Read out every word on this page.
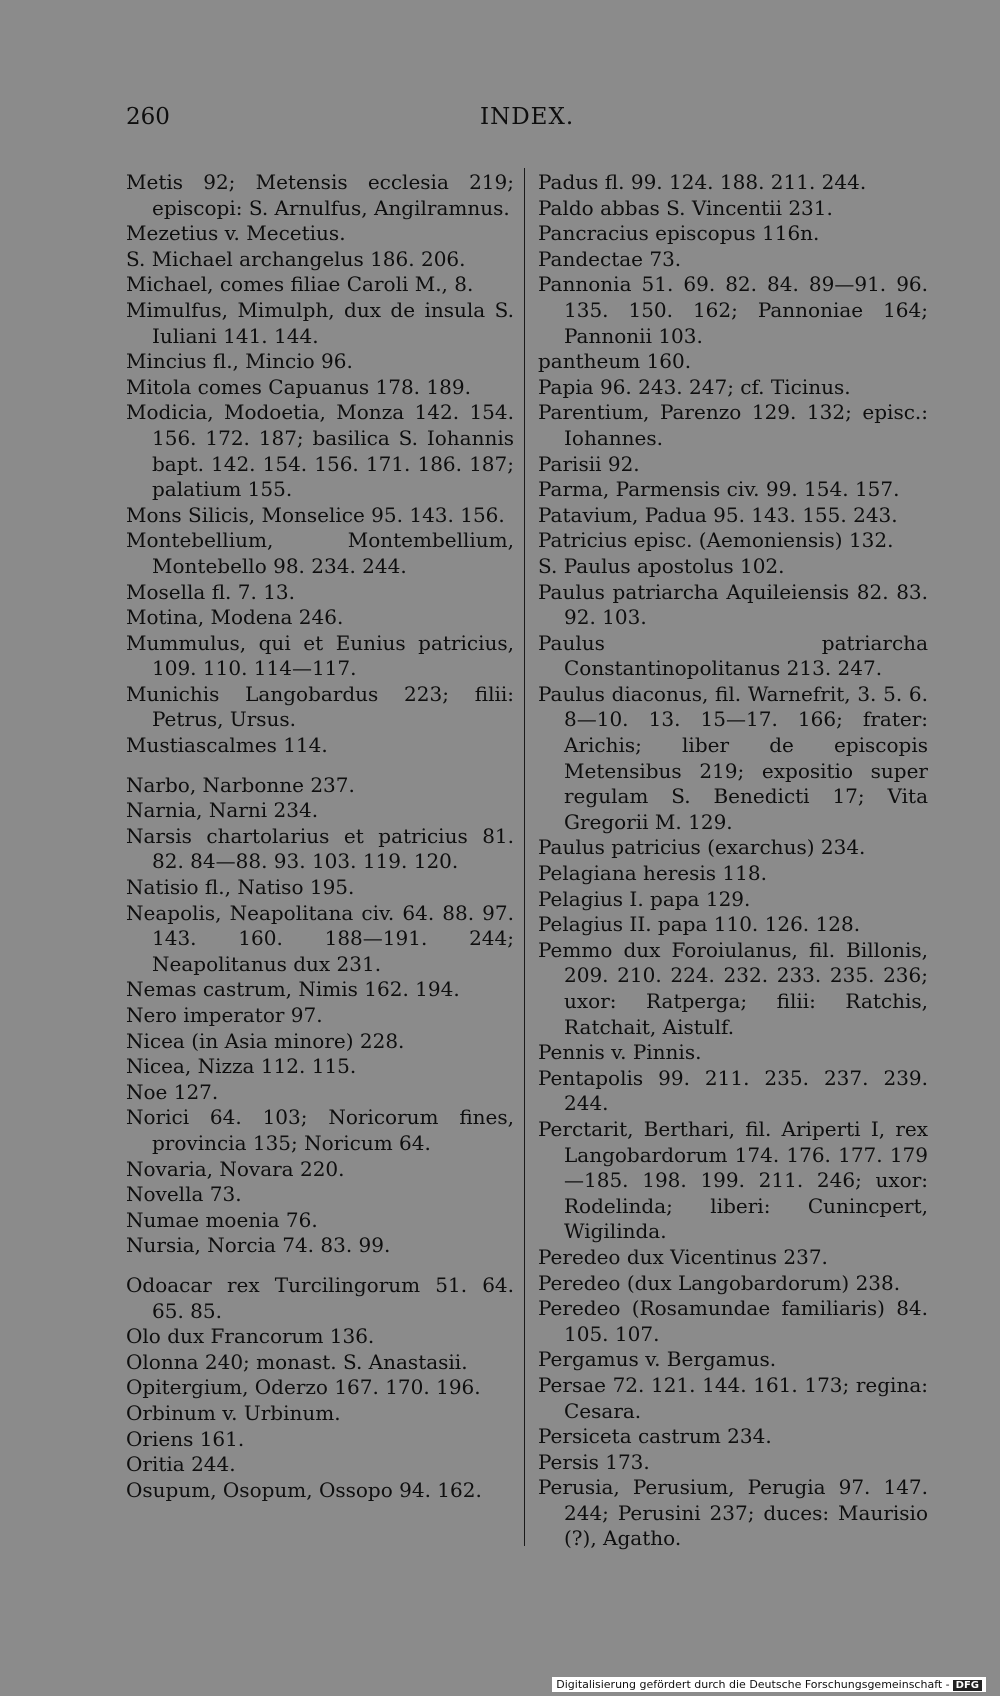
260	INDEX.
Metis 92; Metensis ecclesia 219; episcopi: S. Arnulfus, Angilramnus.
Mezetius v. Mecetius.
S. Michael archangelus 186. 206.
Michael, comes filiae Caroli M., 8.
Mimulfus, Mimulph, dux de insula S. Iuliani 141. 144.
Mincius fl., Mincio 96.
Mitola comes Capuanus 178. 189.
Modicia, Modoetia, Monza 142. 154. 156. 172. 187; basilica S. Iohannis bapt. 142. 154. 156. 171. 186. 187; palatium 155.
Mons Silicis, Monselice 95. 143. 156.
Montebellium, Montembellium, Montebello 98. 234. 244.
Mosella fl. 7. 13.
Motina, Modena 246.
Mummulus, qui et Eunius patricius, 109. 110. 114—117.
Munichis Langobardus 223; filii: Petrus, Ursus.
Mustiascalmes 114.
Narbo, Narbonne 237.
Narnia, Narni 234.
Narsis chartolarius et patricius 81. 82. 84—88. 93. 103. 119. 120.
Natisio fl., Natiso 195.
Neapolis, Neapolitana civ. 64. 88. 97. 143. 160. 188—191. 244; Neapolitanus dux 231.
Nemas castrum, Nimis 162. 194.
Nero imperator 97.
Nicea (in Asia minore) 228.
Nicea, Nizza 112. 115.
Noe 127.
Norici 64. 103; Noricorum fines, provincia 135; Noricum 64.
Novaria, Novara 220.
Novella 73.
Numae moenia 76.
Nursia, Norcia 74. 83. 99.
Odoacar rex Turcilingorum 51. 64. 65. 85.
Olo dux Francorum 136.
Olonna 240; monast. S. Anastasii.
Opitergium, Oderzo 167. 170. 196.
Orbinum v. Urbinum.
Oriens 161.
Oritia 244.
Osupum, Osopum, Ossopo 94. 162.
Padus fl. 99. 124. 188. 211. 244.
Paldo abbas S. Vincentii 231.
Pancracius episcopus 116n.
Pandectae 73.
Pannonia 51. 69. 82. 84. 89—91. 96. 135. 150. 162; Pannoniae 164; Pannonii 103.
pantheum 160.
Papia 96. 243. 247; cf. Ticinus.
Parentium, Parenzo 129. 132; episc.: Iohannes.
Parisii 92.
Parma, Parmensis civ. 99. 154. 157.
Patavium, Padua 95. 143. 155. 243.
Patricius episc. (Aemoniensis) 132.
S. Paulus apostolus 102.
Paulus patriarcha Aquileiensis 82. 83. 92. 103.
Paulus patriarcha Constantinopolitanus 213. 247.
Paulus diaconus, fil. Warnefrit, 3. 5. 6. 8—10. 13. 15—17. 166; frater: Arichis; liber de episcopis Metensibus 219; expositio super regulam S. Benedicti 17; Vita Gregorii M. 129.
Paulus patricius (exarchus) 234.
Pelagiana heresis 118.
Pelagius I. papa 129.
Pelagius II. papa 110. 126. 128.
Pemmo dux Foroiulanus, fil. Billonis, 209. 210. 224. 232. 233. 235. 236; uxor: Ratperga; filii: Ratchis, Ratchait, Aistulf.
Pennis v. Pinnis.
Pentapolis 99. 211. 235. 237. 239. 244.
Perctarit, Berthari, fil. Ariperti I, rex Langobardorum 174. 176. 177. 179—185. 198. 199. 211. 246; uxor: Rodelinda; liberi: Cunincpert, Wigilinda.
Peredeo dux Vicentinus 237.
Peredeo (dux Langobardorum) 238.
Peredeo (Rosamundae familiaris) 84. 105. 107.
Pergamus v. Bergamus.
Persae 72. 121. 144. 161. 173; regina: Cesara.
Persiceta castrum 234.
Persis 173.
Perusia, Perusium, Perugia 97. 147. 244; Perusini 237; duces: Maurisio (?), Agatho.
Digitalisierung gefördert durch die Deutsche Forschungsgemeinschaft - DFG
